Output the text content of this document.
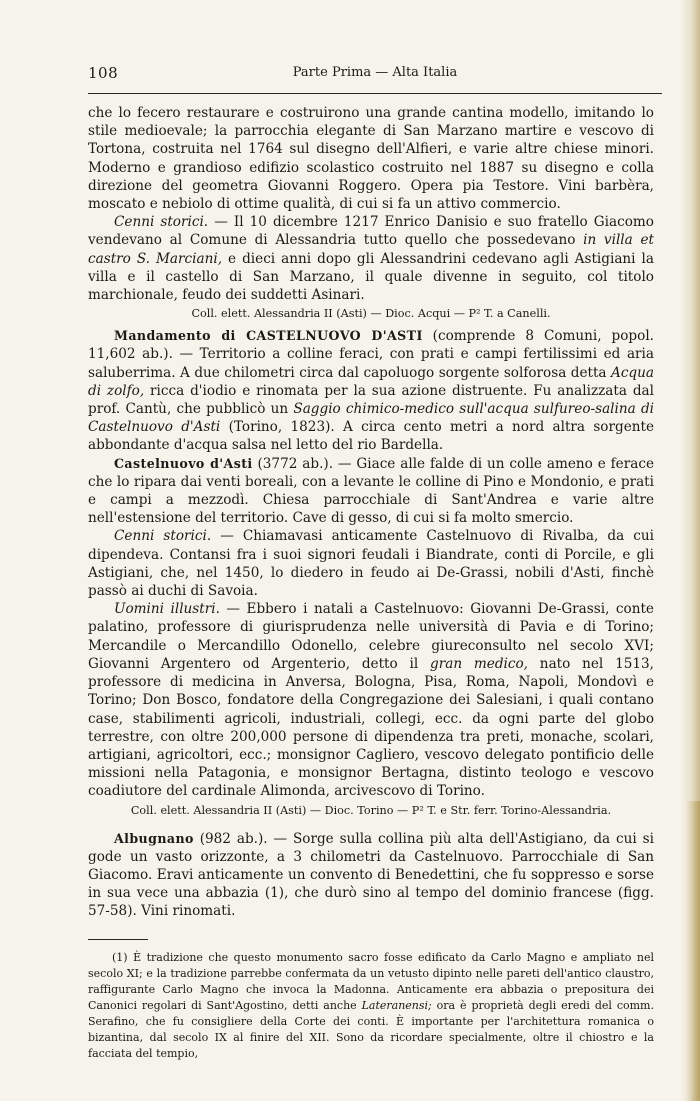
108	Parte Prima — Alta Italia

che lo fecero restaurare e costruirono una grande cantina modello, imitando lo stile medioevale; la parrocchia elegante di San Marzano martire e vescovo di Tortona, costruita nel 1764 sul disegno dell'Alfieri, e varie altre chiese minori. Moderno e grandioso edifizio scolastico costruito nel 1887 su disegno e colla direzione del geometra Giovanni Roggero. Opera pia Testore. Vini barbèra, moscato e nebiolo di ottime qualità, di cui si fa un attivo commercio.

Cenni storici. — Il 10 dicembre 1217 Enrico Danisio e suo fratello Giacomo vendevano al Comune di Alessandria tutto quello che possedevano in villa et castro S. Marciani, e dieci anni dopo gli Alessandrini cedevano agli Astigiani la villa e il castello di San Marzano, il quale divenne in seguito, col titolo marchionale, feudo dei suddetti Asinari.

Coll. elett. Alessandria II (Asti) — Dioc. Acqui — P² T. a Canelli.

Mandamento di CASTELNUOVO D'ASTI (comprende 8 Comuni, popol. 11,602 ab.). — Territorio a colline feraci, con prati e campi fertilissimi ed aria saluberrima. A due chilometri circa dal capoluogo sorgente solforosa detta Acqua di zolfo, ricca d'iodio e rinomata per la sua azione distruente. Fu analizzata dal prof. Cantù, che pubblicò un Saggio chimico-medico sull'acqua sulfureo-salina di Castelnuovo d'Asti (Torino, 1823). A circa cento metri a nord altra sorgente abbondante d'acqua salsa nel letto del rio Bardella.

Castelnuovo d'Asti (3772 ab.). — Giace alle falde di un colle ameno e ferace che lo ripara dai venti boreali, con a levante le colline di Pino e Mondonio, e prati e campi a mezzodì. Chiesa parrocchiale di Sant'Andrea e varie altre nell'estensione del territorio. Cave di gesso, di cui si fa molto smercio.

Cenni storici. — Chiamavasi anticamente Castelnuovo di Rivalba, da cui dipendeva. Contansi fra i suoi signori feudali i Biandrate, conti di Porcile, e gli Astigiani, che, nel 1450, lo diedero in feudo ai De-Grassi, nobili d'Asti, finchè passò ai duchi di Savoia.

Uomini illustri. — Ebbero i natali a Castelnuovo: Giovanni De-Grassi, conte palatino, professore di giurisprudenza nelle università di Pavia e di Torino; Mercandile o Mercandillo Odonello, celebre giureconsulto nel secolo XVI; Giovanni Argentero od Argenterio, detto il gran medico, nato nel 1513, professore di medicina in Anversa, Bologna, Pisa, Roma, Napoli, Mondovì e Torino; Don Bosco, fondatore della Congregazione dei Salesiani, i quali contano case, stabilimenti agricoli, industriali, collegi, ecc. da ogni parte del globo terrestre, con oltre 200,000 persone di dipendenza tra preti, monache, scolari, artigiani, agricoltori, ecc.; monsignor Cagliero, vescovo delegato pontificio delle missioni nella Patagonia, e monsignor Bertagna, distinto teologo e vescovo coadiutore del cardinale Alimonda, arcivescovo di Torino.

Coll. elett. Alessandria II (Asti) — Dioc. Torino — P² T. e Str. ferr. Torino-Alessandria.

Albugnano (982 ab.). — Sorge sulla collina più alta dell'Astigiano, da cui si gode un vasto orizzonte, a 3 chilometri da Castelnuovo. Parrocchiale di San Giacomo. Eravi anticamente un convento di Benedettini, che fu soppresso e sorse in sua vece una abbazia (1), che durò sino al tempo del dominio francese (figg. 57-58). Vini rinomati.

(1) È tradizione che questo monumento sacro fosse edificato da Carlo Magno e ampliato nel secolo XI; e la tradizione parrebbe confermata da un vetusto dipinto nelle pareti dell'antico claustro, raffigurante Carlo Magno che invoca la Madonna. Anticamente era abbazia o prepositura dei Canonici regolari di Sant'Agostino, detti anche Lateranensi; ora è proprietà degli eredi del comm. Serafino, che fu consigliere della Corte dei conti. È importante per l'architettura romanica o bizantina, dal secolo IX al finire del XII. Sono da ricordare specialmente, oltre il chiostro e la facciata del tempio,
